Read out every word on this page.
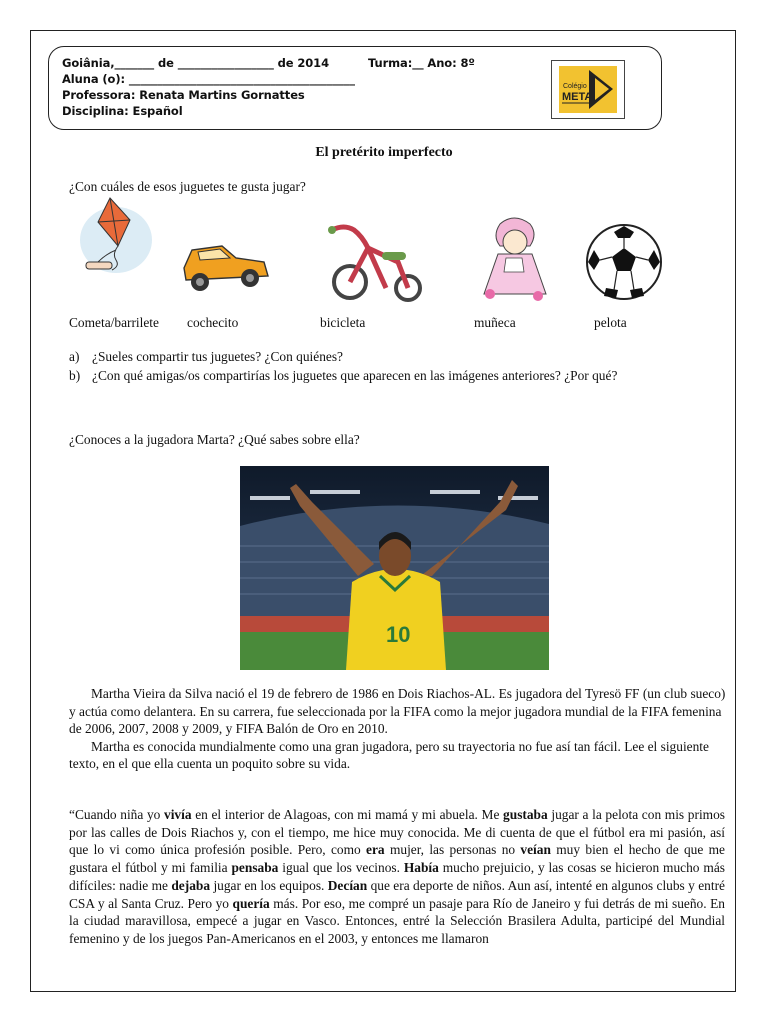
Goiânia,_______ de _________________ de 2014          Turma:__ Ano: 8º
Aluna (o): ________________________________________
Professora: Renata Martins Gornattes
Disciplina: Español
Colégio
META
El pretérito imperfecto
¿Con cuáles de esos juguetes te gusta jugar?
Cometa/barrilete cochecito	bicicleta	muñeca	pelota
a) ¿Sueles compartir tus juguetes? ¿Con quiénes?
b) ¿Con qué amigas/os compartirías los juguetes que aparecen en las imágenes anteriores? ¿Por qué?
¿Conoces a la jugadora Marta? ¿Qué sabes sobre ella?
10

Martha Vieira da Silva nació el 19 de febrero de 1986 en Dois Riachos-AL. Es jugadora del Tyresö FF (un club sueco) y actúa como delantera. En su carrera, fue seleccionada por la FIFA como la mejor jugadora mundial de la FIFA femenina de 2006, 2007, 2008 y 2009, y FIFA Balón de Oro en 2010.

Martha es conocida mundialmente como una gran jugadora, pero su trayectoria no fue así tan fácil. Lee el siguiente texto, en el que ella cuenta un poquito sobre su vida.

“Cuando niña yo vivía en el interior de Alagoas, con mi mamá y mi abuela. Me gustaba jugar a la pelota con mis primos por las calles de Dois Riachos y, con el tiempo, me hice muy conocida. Me di cuenta de que el fútbol era mi pasión, así que lo vi como única profesión posible. Pero, como era mujer, las personas no veían muy bien el hecho de que me gustara el fútbol y mi familia pensaba igual que los vecinos. Había mucho prejuicio, y las cosas se hicieron mucho más difíciles: nadie me dejaba jugar en los equipos. Decían que era deporte de niños. Aun así, intenté en algunos clubs y entré CSA y al Santa Cruz. Pero yo quería más. Por eso, me compré un pasaje para Río de Janeiro y fui detrás de mi sueño. En la ciudad maravillosa, empecé a jugar en Vasco. Entonces, entré la Selección Brasilera Adulta, participé del Mundial femenino y de los juegos Pan-Americanos en el 2003, y entonces me llamaron
